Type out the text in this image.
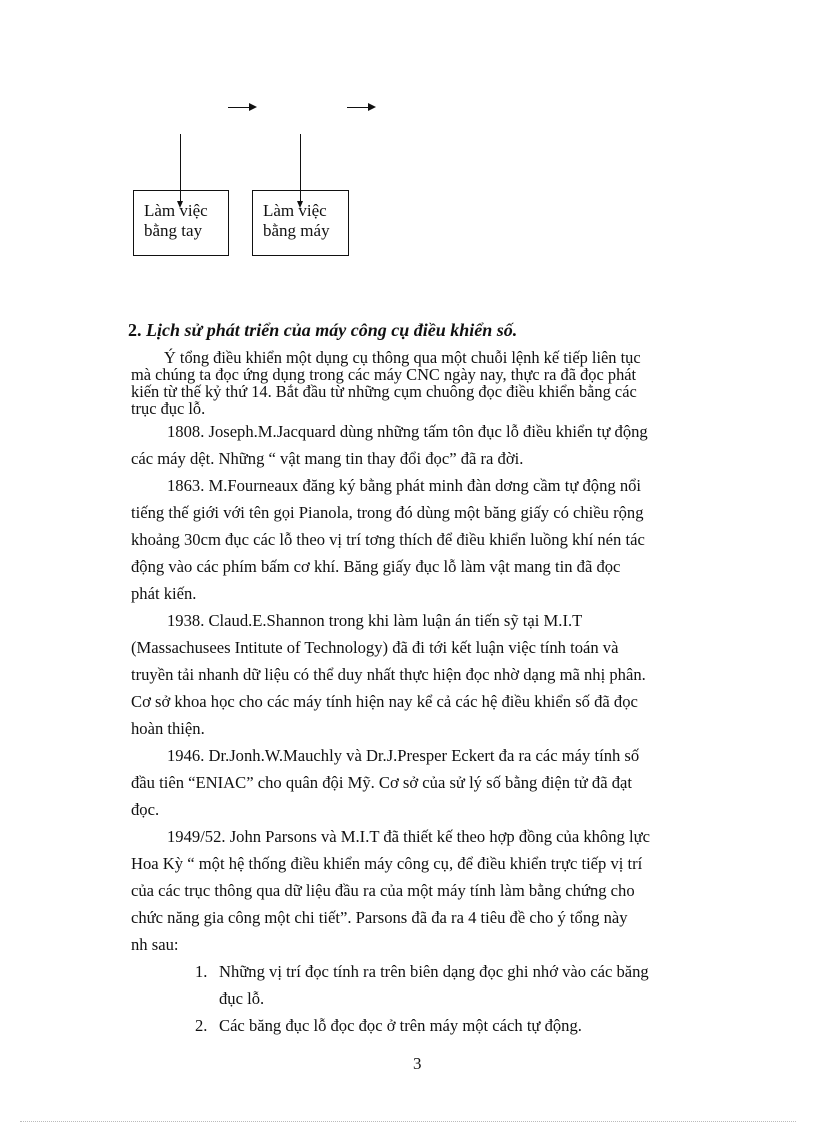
Làm việc
bằng tay
Làm việc
bằng máy
2. Lịch sử phát triển của máy công cụ điều khiển số.
Ý tổng điều khiển một dụng cụ thông qua một chuỗi lệnh kế tiếp liên tục
mà chúng ta đọc ứng dụng trong các máy CNC ngày nay, thực ra đã đọc phát
kiến từ thế kỷ thứ 14. Bắt đầu từ những cụm chuông đọc điều khiển bằng các
trục đục lỗ.
1808. Joseph.M.Jacquard dùng những tấm tôn đục lỗ điều khiển tự động
các máy dệt. Những “ vật mang tin thay đổi đọc” đã ra đời.
1863. M.Fourneaux đăng ký bằng phát minh đàn dơng cầm tự động nổi
tiếng thế giới với tên gọi Pianola, trong đó dùng một băng giấy có chiều rộng
khoảng 30cm đục các lỗ theo vị trí tơng thích để điều khiển luồng khí nén tác
động vào các phím bấm cơ khí. Băng giấy đục lỗ làm vật mang tin đã đọc
phát kiến.
1938. Claud.E.Shannon trong khi làm luận án tiến sỹ tại M.I.T
(Massachusees Intitute of Technology) đã đi tới kết luận việc tính toán và
truyền tải nhanh dữ liệu có thể duy nhất thực hiện đọc nhờ dạng mã nhị phân.
Cơ sở khoa học cho các máy tính hiện nay kể cả các hệ điều khiển số đã đọc
hoàn thiện.
1946. Dr.Jonh.W.Mauchly và Dr.J.Presper Eckert đa ra các máy tính số
đầu tiên “ENIAC” cho quân đội Mỹ. Cơ sở của sử lý số bằng điện tử đã đạt
đọc.
1949/52. John Parsons và M.I.T đã thiết kế theo hợp đồng của không lực
Hoa Kỳ “ một hệ thống điều khiển máy công cụ, để điều khiển trực tiếp vị trí
của các trục thông qua dữ liệu đầu ra của một máy tính làm bằng chứng cho
chức năng gia công một chi tiết”. Parsons đã đa ra 4 tiêu đề cho ý tổng này
nh sau:
1. Những vị trí đọc tính ra trên biên dạng đọc ghi nhớ vào các băng
đục lỗ.
2. Các băng đục lỗ đọc đọc ở trên máy một cách tự động.
3
